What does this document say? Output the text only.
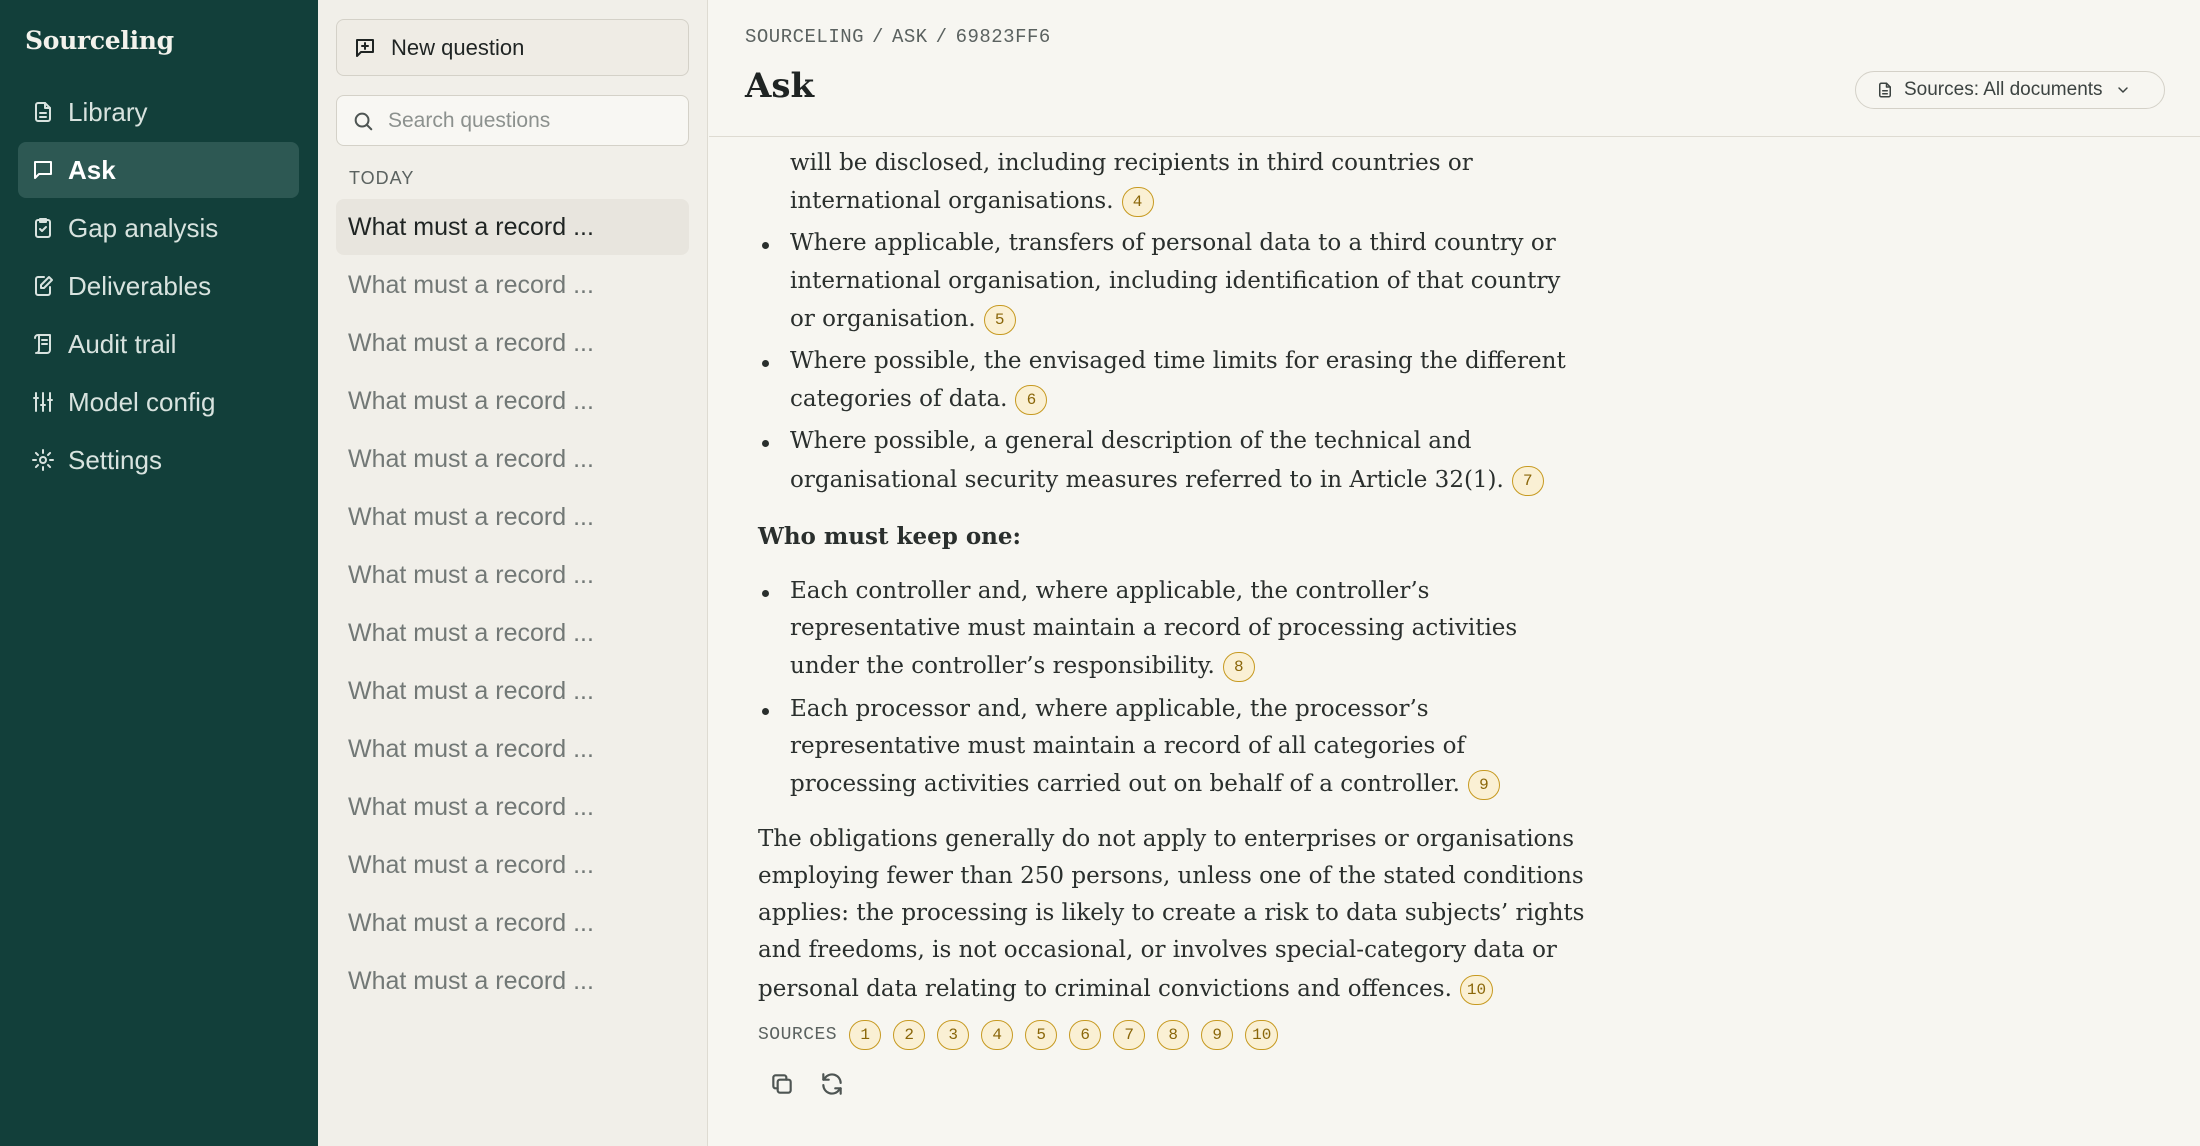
Sourceling
Library
Ask
Gap analysis
Deliverables
Audit trail
Model config
Settings
New question
Search questions
TODAY
What must a record ...
What must a record ...
What must a record ...
What must a record ...
What must a record ...
What must a record ...
What must a record ...
What must a record ...
What must a record ...
What must a record ...
What must a record ...
What must a record ...
What must a record ...
What must a record ...
SOURCELING / ASK / 69823FF6
Ask	Sources: All documents
will be disclosed, including recipients in third countries or
international organisations. 4
Where applicable, transfers of personal data to a third country or
international organisation, including identification of that country
or organisation. 5
Where possible, the envisaged time limits for erasing the different
categories of data. 6
Where possible, a general description of the technical and
organisational security measures referred to in Article 32(1). 7
Who must keep one:
Each controller and, where applicable, the controller’s
representative must maintain a record of processing activities
under the controller’s responsibility. 8
Each processor and, where applicable, the processor’s
representative must maintain a record of all categories of
processing activities carried out on behalf of a controller. 9
The obligations generally do not apply to enterprises or organisations
employing fewer than 250 persons, unless one of the stated conditions
applies: the processing is likely to create a risk to data subjects’ rights
and freedoms, is not occasional, or involves special-category data or
personal data relating to criminal convictions and offences. 10
SOURCES	1	2	3	4	5	6	7	8	9	10
